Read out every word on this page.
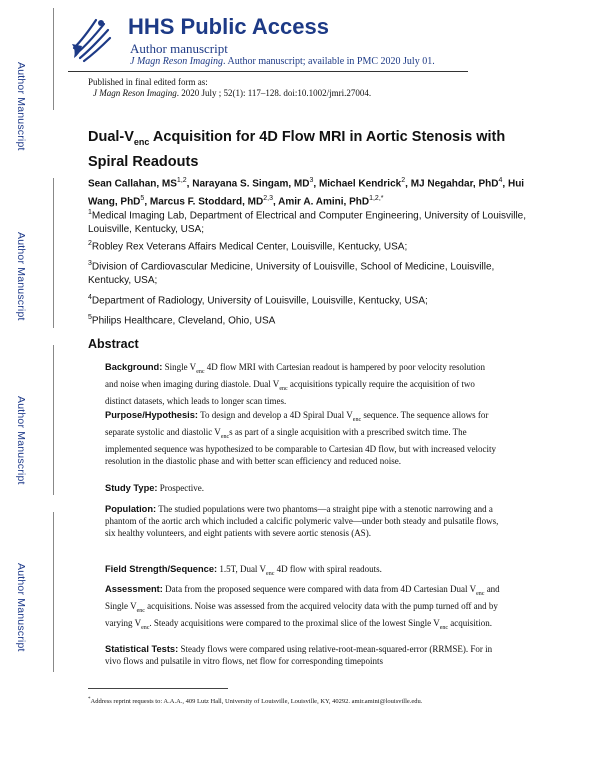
Author Manuscript
Author Manuscript
Author Manuscript
Author Manuscript
HHS Public Access
Author manuscript
J Magn Reson Imaging. Author manuscript; available in PMC 2020 July 01.
Published in final edited form as:
J Magn Reson Imaging. 2020 July ; 52(1): 117–128. doi:10.1002/jmri.27004.
Dual-$V_{enc}$ Acquisition for 4D Flow MRI in Aortic Stenosis with Spiral Readouts
Sean Callahan, MS$^{1,2}$, Narayana S. Singam, $MD^3$, Michael Kendrick$^2$, MJ Negahdar, PhD$^4$, Hui Wang, PhD$^5$, Marcus F. Stoddard, MD$^{2,3}$, Amir A. Amini, PhD$^{1,2,*}$
$^1$Medical Imaging Lab, Department of Electrical and Computer Engineering, University of Louisville, Louisville, Kentucky, USA;
$^2$Robley Rex Veterans Affairs Medical Center, Louisville, Kentucky, USA;
$^3$Division of Cardiovascular Medicine, University of Louisville, School of Medicine, Louisville, Kentucky, USA;
$^4$Department of Radiology, University of Louisville, Louisville, Kentucky, USA;
$^5$Philips Healthcare, Cleveland, Ohio, USA
Abstract
Background: Single $V_{enc}$ 4D flow MRI with Cartesian readout is hampered by poor velocity resolution and noise when imaging during diastole. Dual $V_{enc}$ acquisitions typically require the acquisition of two distinct datasets, which leads to longer scan times.
Purpose/Hypothesis: To design and develop a 4D Spiral Dual $V_{enc}$ sequence. The sequence allows for separate systolic and diastolic $V_{enc}s$ as part of a single acquisition with a prescribed switch time. The implemented sequence was hypothesized to be comparable to Cartesian 4D flow, but with increased velocity resolution in the diastolic phase and with better scan efficiency and reduced noise.
Study Type: Prospective.
Population: The studied populations were two phantoms—a straight pipe with a stenotic narrowing and a phantom of the aortic arch which included a calcific polymeric valve—under both steady and pulsatile flows, six healthy volunteers, and eight patients with severe aortic stenosis (AS).
Field Strength/Sequence: 1.5T, Dual $V_{enc}$ 4D flow with spiral readouts.
Assessment: Data from the proposed sequence were compared with data from 4D Cartesian Dual $V_{enc}$ and Single $V_{enc}$ acquisitions. Noise was assessed from the acquired velocity data with the pump turned off and by varying $V_{enc}$. Steady acquisitions were compared to the proximal slice of the lowest Single $V_{enc}$ acquisition.
Statistical Tests: Steady flows were compared using relative-root-mean-squared-error (RRMSE). For in vivo flows and pulsatile in vitro flows, net flow for corresponding timepoints
*Address reprint requests to: A.A.A., 409 Lutz Hall, University of Louisville, Louisville, KY, 40292. amir.amini@louisville.edu.
